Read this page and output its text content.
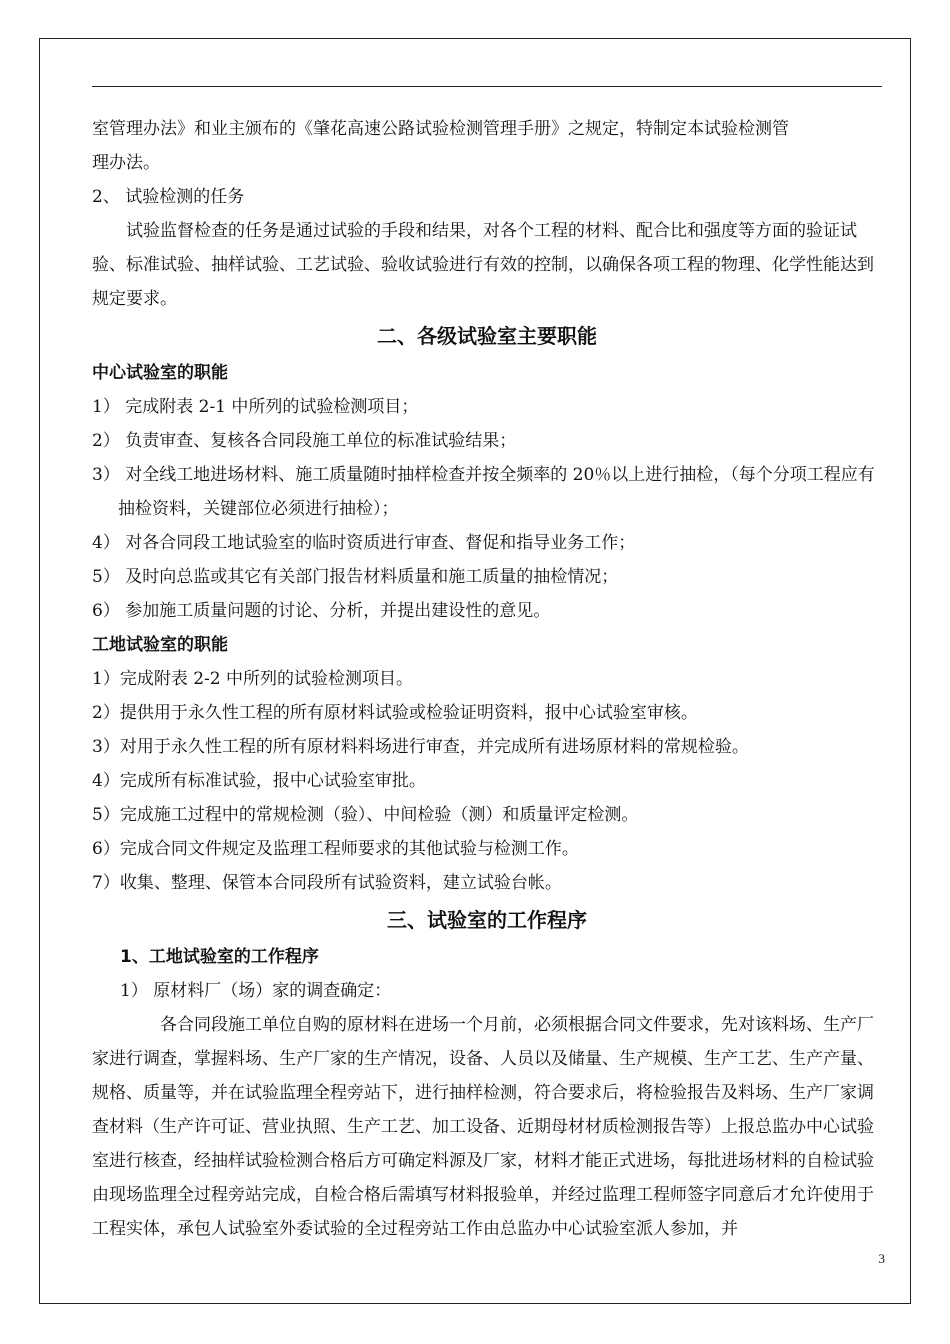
室管理办法》和业主颁布的《肇花高速公路试验检测管理手册》之规定，特制定本试验检测管

理办法。

2、 试验检测的任务

试验监督检查的任务是通过试验的手段和结果，对各个工程的材料、配合比和强度等方面的验证试验、标准试验、抽样试验、工艺试验、验收试验进行有效的控制，以确保各项工程的物理、化学性能达到规定要求。

二、各级试验室主要职能

中心试验室的职能

1） 完成附表 2-1 中所列的试验检测项目；

2） 负责审查、复核各合同段施工单位的标准试验结果；

3） 对全线工地进场材料、施工质量随时抽样检查并按全频率的 20％以上进行抽检，（每个分项工程应有抽检资料，关键部位必须进行抽检）；

4） 对各合同段工地试验室的临时资质进行审查、督促和指导业务工作；

5） 及时向总监或其它有关部门报告材料质量和施工质量的抽检情况；

6） 参加施工质量问题的讨论、分析，并提出建设性的意见。

工地试验室的职能

1）完成附表 2-2 中所列的试验检测项目。

2）提供用于永久性工程的所有原材料试验或检验证明资料，报中心试验室审核。

3）对用于永久性工程的所有原材料料场进行审查，并完成所有进场原材料的常规检验。

4）完成所有标准试验，报中心试验室审批。

5）完成施工过程中的常规检测（验）、中间检验（测）和质量评定检测。

6）完成合同文件规定及监理工程师要求的其他试验与检测工作。

7）收集、整理、保管本合同段所有试验资料，建立试验台帐。

三、试验室的工作程序

1、工地试验室的工作程序

1） 原材料厂（场）家的调查确定：

各合同段施工单位自购的原材料在进场一个月前，必须根据合同文件要求，先对该料场、生产厂家进行调查，掌握料场、生产厂家的生产情况，设备、人员以及储量、生产规模、生产工艺、生产产量、规格、质量等，并在试验监理全程旁站下，进行抽样检测，符合要求后，将检验报告及料场、生产厂家调查材料（生产许可证、营业执照、生产工艺、加工设备、近期母材材质检测报告等）上报总监办中心试验室进行核查，经抽样试验检测合格后方可确定料源及厂家，材料才能正式进场，每批进场材料的自检试验由现场监理全过程旁站完成，自检合格后需填写材料报验单，并经过监理工程师签字同意后才允许使用于工程实体，承包人试验室外委试验的全过程旁站工作由总监办中心试验室派人参加，并

3
